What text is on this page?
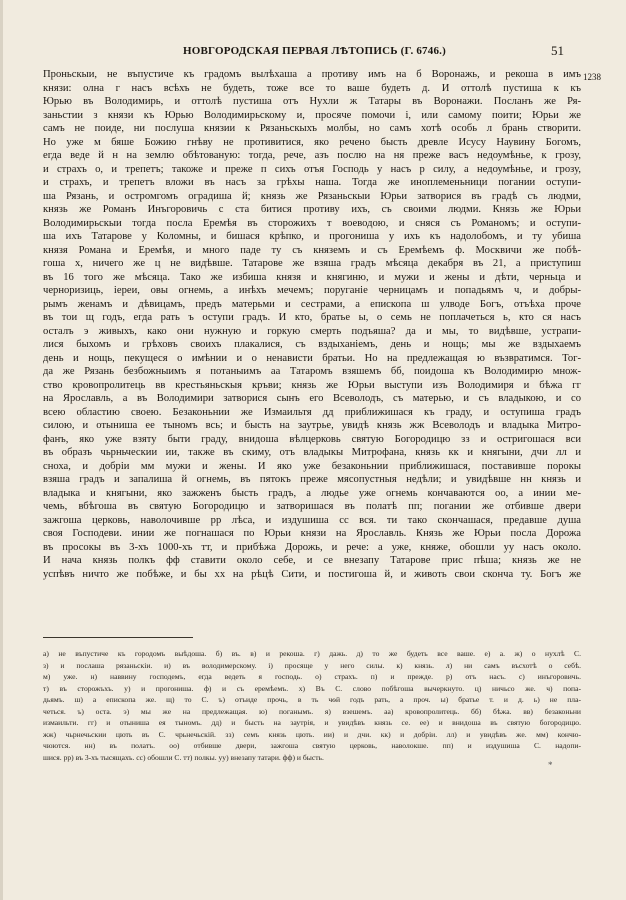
НОВГОРОДСКАЯ ПЕРВАЯ ЛѢТОПИСЬ (Г. 6746.)	51
1238
Проньскыи, не въпустиче къ градомъ вылѣхаша а противу имъ на б Воронажь, и рекоша в имъ
князи: олна г насъ всѣхъ не будеть, тоже все то ваше будеть д. И оттолѣ пустиша к къ
Юрью въ Володимирь, и оттолѣ пустиша отъ Нухли ж Татары въ Воронажи. Посланъ же Ря-
заньстии з князи къ Юрью Володимирьскому и, просяче помочи і, или самому поити; Юрьи же
самъ не поиде, ни послуша князии к Рязаньскыхъ молбы, но самъ хотѣ особь л брань створити.
Но уже м бяше Божию гнѣву не противитися, яко речено бысть древле Исусу Наувину Богомъ,
егда веде й н на землю обѣтованую: тогда, рече, азъ послю на ня преже васъ недоумѣнье, к грозу,
и страхъ о, и трепетъ; такоже и преже п сихъ отъя Господь у насъ р силу, а недоумѣнье, и грозу,
и страхъ, и трепетъ вложи въ насъ за грѣхы наша. Тогда же иноплеменьници погании оступи-
ша Рязань, и остромгомъ оградиша й; князь же Рязаньскыи Юрьи затворися въ градѣ съ людми,
князь же Романъ Инъгоровичь с ста битися противу ихъ, съ своими людми. Князь же Юрьи
Володимирьскыи тогда посла Еремѣя въ сторожихъ т воеводою, и сняся съ Романомъ; и оступи-
ша ихъ Татарове у Коломны, и бишася крѣпко, и прогониша у ихъ къ надолобомъ, и ту убиша
князя Романа и Еремѣя, и много паде ту съ княземъ и съ Еремѣемъ ф. Москвичи же побѣ-
гоша х, ничего же ц не видѣвше. Татарове же взяша градъ мѣсяца декабря въ 21, а приступиш
въ 16 того же мѣсяца. Тако же избиша князя и княгиню, и мужи и жены и дѣти, черньца и
черноризиць, іереи, овы огнемь, а инѣхъ мечемъ; поруганіе черницамъ и попадьямъ ч, и добры-
рымъ женамъ и дѣвицамъ, предъ матерьми и сестрами, а епископа ш улводе Богъ, отъѣха проче
въ тои щ годъ, егда рать ъ оступи градъ. И кто, братье ы, о семь не поплачеться ь, кто ся насъ
осталъ э живыхъ, како они нужную и горкую смерть подъяша? да и мы, то видѣвше, устрапи-
лися быхомъ и грѣховъ своихъ плакалися, съ вздыханіемъ, день и нощь; мы же вздыхаемъ
день и нощь, пекущеся о имѣнии и о ненависти братьи. Но на предлежащая ю възвратимся. Тог-
да же Рязань безбожныимъ я потаныимъ аа Татаромъ взяшемъ бб, поидоша къ Володимирю множ-
ство кровопролитець вв крестьяньскыя кръви; князь же Юрьи выступи изъ Володимиря и бѣжа гг
на Ярославль, а въ Володимири затворися сынъ его Всеволодъ, съ матерью, и съ владыкою, и со
всею областию своею. Безаконьнии же Измаильтя дд приближишася къ граду, и оступиша градъ
силою, и отыниша ее тыномъ всь; и бысть на заутрье, увидѣ князь жж Всеволодъ и владыка Митро-
фанъ, яко уже взяту быти граду, внидоша вѣлцерковь святую Богородицю зз и остригошася вси
въ образъ чьрньческии ии, также въ скиму, отъ владыкы Митрофана, князь кк и княгыни, дчи лл и
сноха, и добріи мм мужи и жены. И яко уже безаконьнии приближишася, поставивше порокы
взяша градъ и запалиша й огнемь, въ пятокъ преже мясопустныя недѣли; и увидѣвше нн князь и
владыка и княгыни, яко зажженъ бысть градъ, а людье уже огнемь кончаваются оо, а инии ме-
чемь, вбѣгоша въ святую Богородицю и затворишася въ полатѣ пп; погании же отбивше двери
зажгоша церковь, наволочивше рр лѣса, и издушиша сс вся. ти тако скончашася, предавше душа
своя Господеви. инии же погнашася по Юрьи князи на Ярославль. Князь же Юрьи посла Дорожа
въ просокы въ 3-хъ 1000-хъ тт, и прибѣжа Дорожь, и рече: а уже, княже, обошли уу насъ около.
И нача князь полкъ фф ставити около себе, и се внезапу Татарове прис пѣша; князь же не
успѣвъ ничто же побѣже, и бы хх на рѣцѣ Сити, и постигоша й, и животь свои сконча ту. Богъ же
а) не въпустиче къ городомъ выѣдоша. б) въ. в) и рекоша. г) дажь. д) то же будеть все ваше. е) а. ж) о нухлѣ С.
з) и послаша рязаньскіи. и) въ володимерскому. і) просяще у него силы. к) князь. л) ни самъ въсхотѣ о себѣ.
м) уже. н) наввину господемъ, егда ведеть я господь. о) страхъ. п) и прежде. р) отъ насъ. с) инъгоровичь.
т) въ сторожъхъ. у) и прогониша. ф) и съ еремѣемъ. х) Въ С. слово побѣгоша вычеркнуто. ц) ничьсо же. ч) попа-
дьямъ. ш) а епископа же. щ) то С. ъ) отъиде прочь, в ть чѳй годъ рать, а проч. ы) братье т. и д. ь) не пла-
четься. ъ) оста. э) мы же на предлежащая. ю) поганымъ. я) взешемъ. аа) кровопролитець. бб) бѣжа. вв) безаконьни
измаильти. гг) и отыниша ея тыномъ. дд) и бысть на заутрія, и увидѣвъ князь се. ее) и внидоша въ святую богородицю.
жж) чьрнечьскии цють въ С. чрьнечьскій. зз) семъ князь цють. ии) и дчи. кк) и добріи. лл) и увидѣвъ же. мм) кончю-
чюются. нн) въ полатъ. оо) отбивше двери, зажгоша святую церковь, наволокше. пп) и издушиша С. надопи-
шися. рр) въ 3-хъ тысящахъ. сс) обошли С. тт) полкы. уу) внезапу татари. фф) и бысть.
*
